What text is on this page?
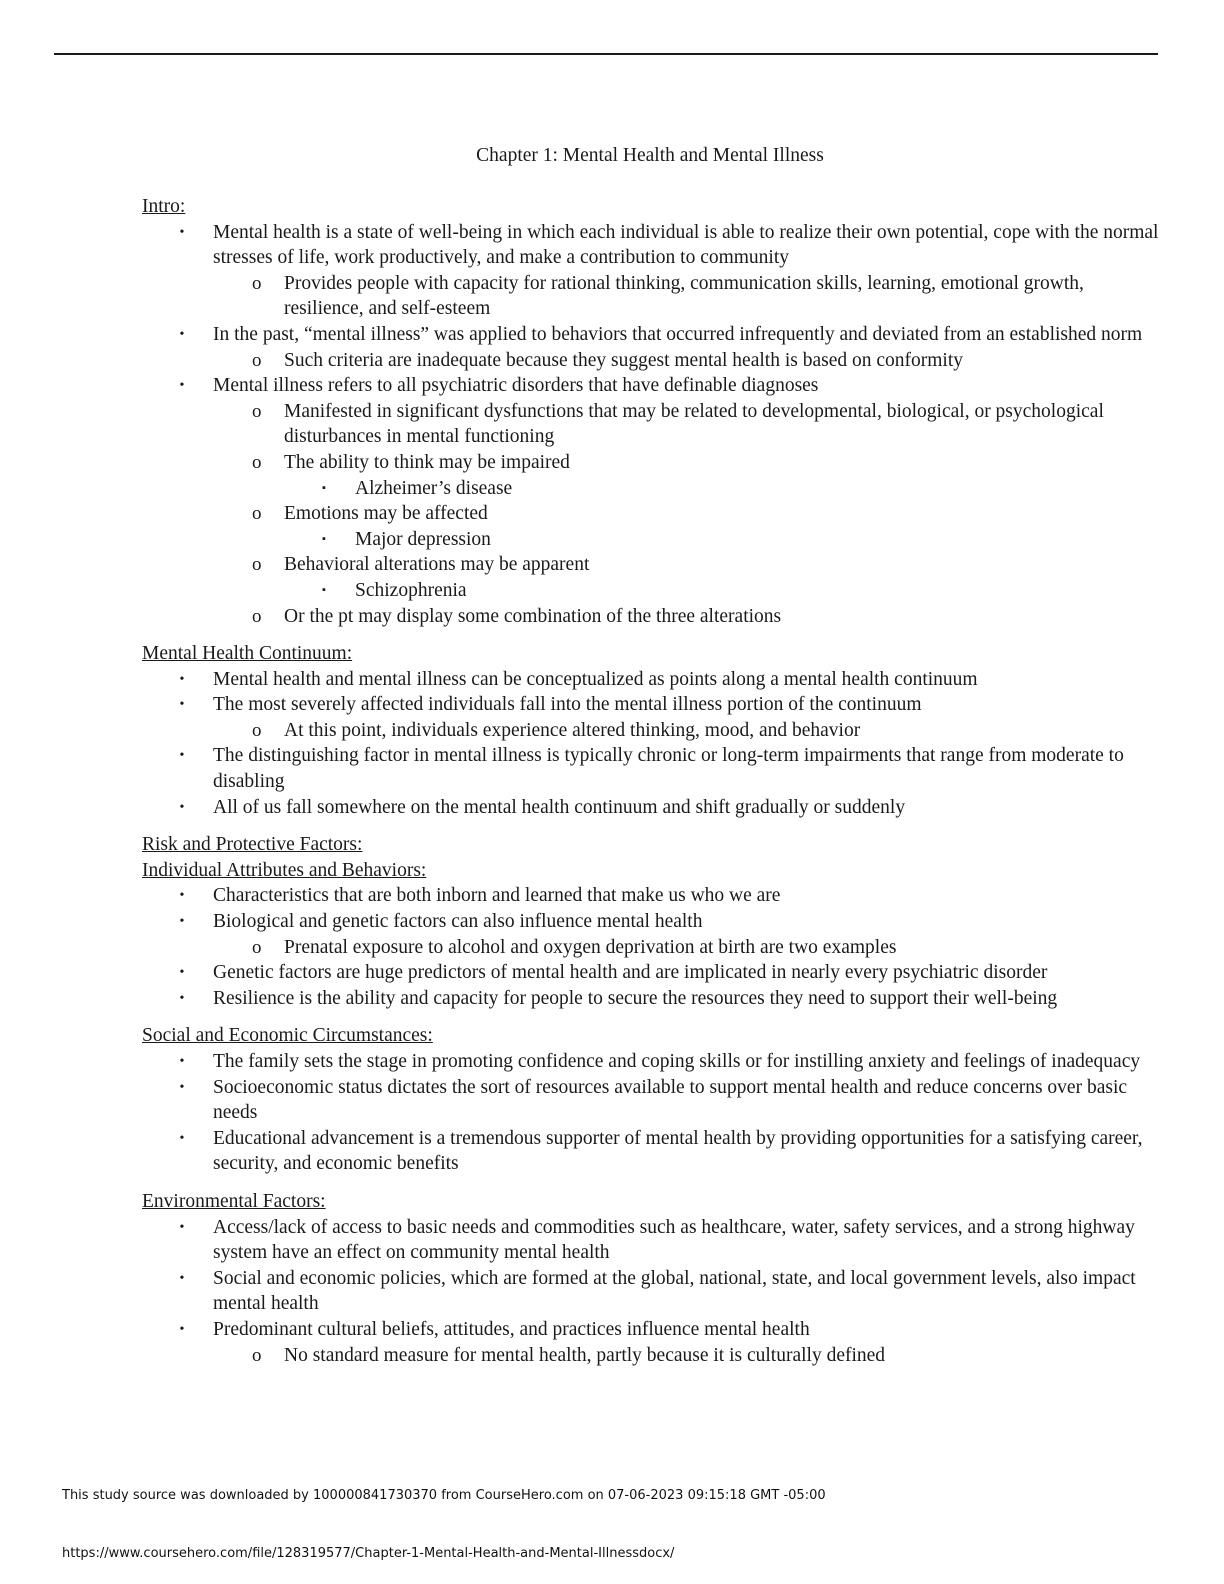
Chapter 1: Mental Health and Mental Illness
Intro:
• Mental health is a state of well-being in which each individual is able to realize their own potential, cope with the normal stresses of life, work productively, and make a contribution to community
o Provides people with capacity for rational thinking, communication skills, learning, emotional growth, resilience, and self-esteem
• In the past, “mental illness” was applied to behaviors that occurred infrequently and deviated from an established norm
o Such criteria are inadequate because they suggest mental health is based on conformity
• Mental illness refers to all psychiatric disorders that have definable diagnoses
o Manifested in significant dysfunctions that may be related to developmental, biological, or psychological disturbances in mental functioning
o The ability to think may be impaired
▪ Alzheimer’s disease
o Emotions may be affected
▪ Major depression
o Behavioral alterations may be apparent
▪ Schizophrenia
o Or the pt may display some combination of the three alterations
Mental Health Continuum:
• Mental health and mental illness can be conceptualized as points along a mental health continuum
• The most severely affected individuals fall into the mental illness portion of the continuum
o At this point, individuals experience altered thinking, mood, and behavior
• The distinguishing factor in mental illness is typically chronic or long-term impairments that range from moderate to disabling
• All of us fall somewhere on the mental health continuum and shift gradually or suddenly
Risk and Protective Factors:
Individual Attributes and Behaviors:
• Characteristics that are both inborn and learned that make us who we are
• Biological and genetic factors can also influence mental health
o Prenatal exposure to alcohol and oxygen deprivation at birth are two examples
• Genetic factors are huge predictors of mental health and are implicated in nearly every psychiatric disorder
• Resilience is the ability and capacity for people to secure the resources they need to support their well-being
Social and Economic Circumstances:
• The family sets the stage in promoting confidence and coping skills or for instilling anxiety and feelings of inadequacy
• Socioeconomic status dictates the sort of resources available to support mental health and reduce concerns over basic needs
• Educational advancement is a tremendous supporter of mental health by providing opportunities for a satisfying career, security, and economic benefits
Environmental Factors:
• Access/lack of access to basic needs and commodities such as healthcare, water, safety services, and a strong highway system have an effect on community mental health
• Social and economic policies, which are formed at the global, national, state, and local government levels, also impact mental health
• Predominant cultural beliefs, attitudes, and practices influence mental health
o No standard measure for mental health, partly because it is culturally defined
This study source was downloaded by 100000841730370 from CourseHero.com on 07-06-2023 09:15:18 GMT -05:00
https://www.coursehero.com/file/128319577/Chapter-1-Mental-Health-and-Mental-Illnessdocx/
